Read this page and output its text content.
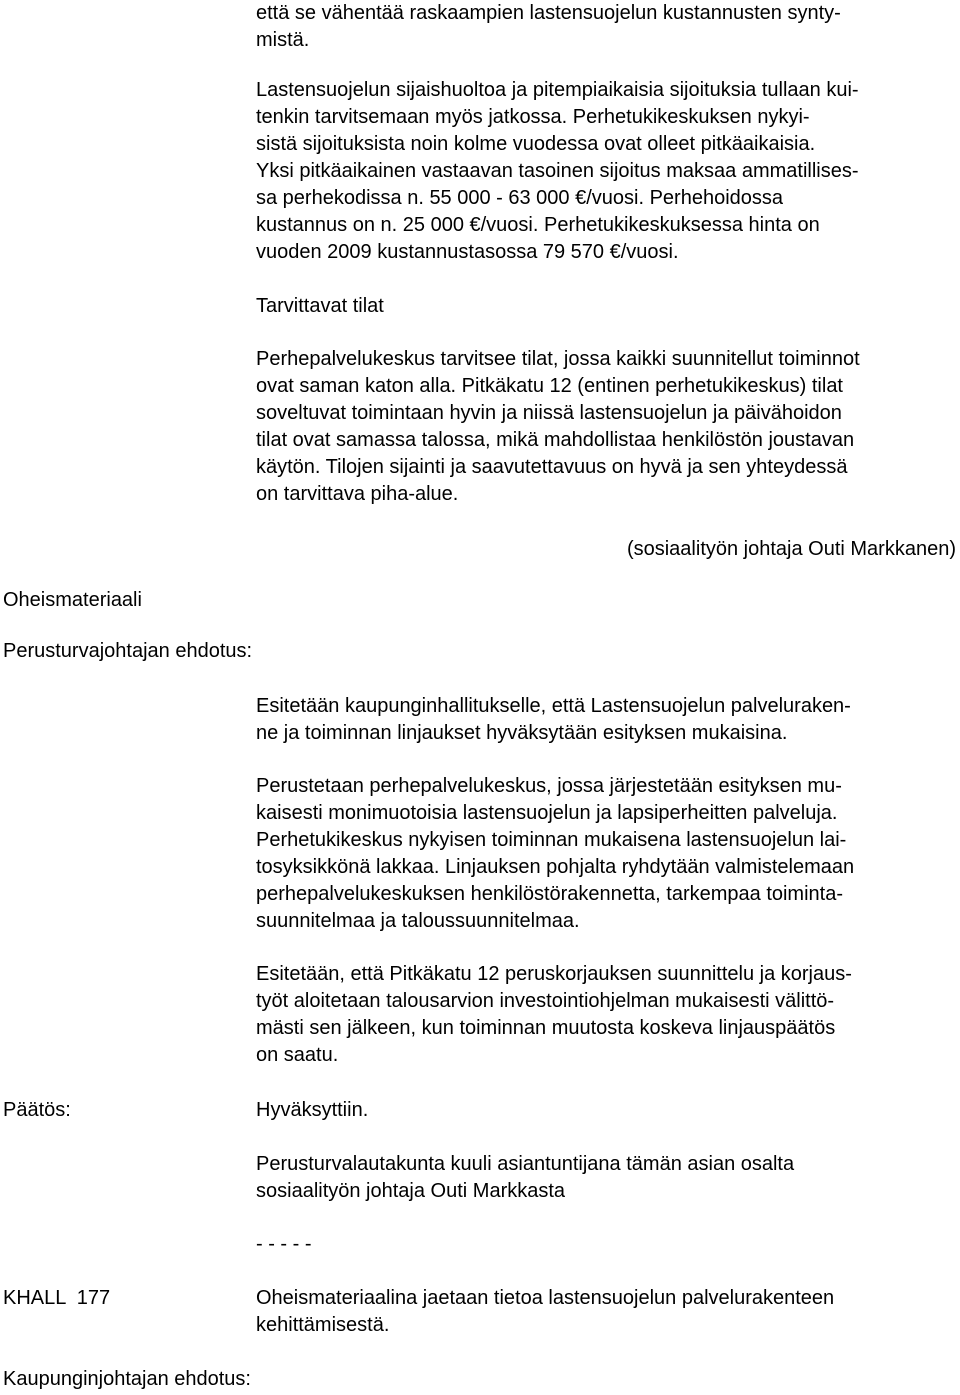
että se vähentää raskaampien lastensuojelun kustannusten synty-
mistä.

Lastensuojelun sijaishuoltoa ja pitempiaikaisia sijoituksia tullaan kui-
tenkin tarvitsemaan myös jatkossa. Perhetukikeskuksen nykyi-
sistä sijoituksista noin kolme vuodessa ovat olleet pitkäaikaisia.
Yksi pitkäaikainen vastaavan tasoinen sijoitus maksaa ammatillises-
sa perhekodissa n. 55 000 - 63 000 €/vuosi. Perhehoidossa
kustannus on n. 25 000 €/vuosi. Perhetukikeskuksessa hinta on
vuoden 2009 kustannustasossa 79 570 €/vuosi.

Tarvittavat tilat

Perhepalvelukeskus tarvitsee tilat, jossa kaikki suunnitellut toiminnot
ovat saman katon alla. Pitkäkatu 12 (entinen perhetukikeskus) tilat
soveltuvat toimintaan hyvin ja niissä lastensuojelun ja päivähoidon
tilat ovat samassa talossa, mikä mahdollistaa henkilöstön joustavan
käytön. Tilojen sijainti ja saavutettavuus on hyvä ja sen yhteydessä
on tarvittava piha-alue.

(sosiaalityön johtaja Outi Markkanen)

Oheismateriaali

Perusturvajohtajan ehdotus:

Esitetään kaupunginhallitukselle, että Lastensuojelun palveluraken-
ne ja toiminnan linjaukset hyväksytään esityksen mukaisina.

Perustetaan perhepalvelukeskus, jossa järjestetään esityksen mu-
kaisesti monimuotoisia lastensuojelun ja lapsiperheitten palveluja.
Perhetukikeskus nykyisen toiminnan mukaisena lastensuojelun lai-
tosyksikkönä lakkaa. Linjauksen pohjalta ryhdytään valmistelemaan
perhepalvelukeskuksen henkilöstörakennetta, tarkempaa toiminta-
suunnitelmaa ja taloussuunnitelmaa.

Esitetään, että Pitkäkatu 12 peruskorjauksen suunnittelu ja korjaus-
työt aloitetaan talousarvion investointiohjelman mukaisesti välittö-
mästi sen jälkeen, kun toiminnan muutosta koskeva linjauspäätös
on saatu.

Päätös:	Hyväksyttiin.

Perusturvalautakunta kuuli asiantuntijana tämän asian osalta
sosiaalityön johtaja Outi Markkasta

- - - - -

KHALL  177	Oheismateriaalina jaetaan tietoa lastensuojelun palvelurakenteen
kehittämisestä.

Kaupunginjohtajan ehdotus:
